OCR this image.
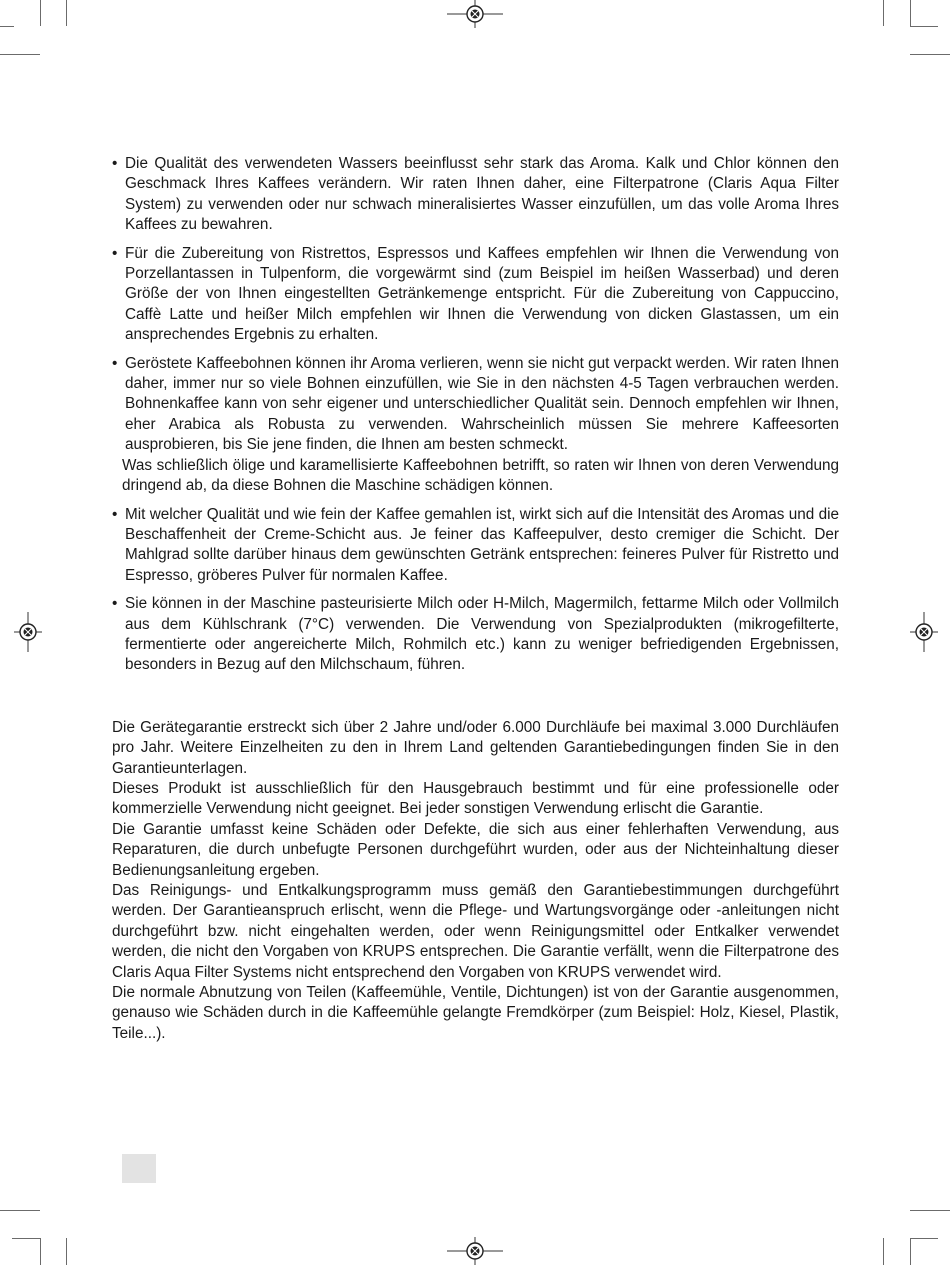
• Die Qualität des verwendeten Wassers beeinflusst sehr stark das Aroma. Kalk und Chlor können den Geschmack Ihres Kaffees verändern. Wir raten Ihnen daher, eine Filterpatrone (Claris Aqua Filter System) zu verwenden oder nur schwach mineralisiertes Wasser einzufüllen, um das volle Aroma Ihres Kaffees zu bewahren.

• Für die Zubereitung von Ristrettos, Espressos und Kaffees empfehlen wir Ihnen die Verwendung von Porzellantassen in Tulpenform, die vorgewärmt sind (zum Beispiel im heißen Wasserbad) und deren Größe der von Ihnen eingestellten Getränkemenge entspricht. Für die Zubereitung von Cappuccino, Caffè Latte und heißer Milch empfehlen wir Ihnen die Verwendung von dicken Glastassen, um ein ansprechendes Ergebnis zu erhalten.

• Geröstete Kaffeebohnen können ihr Aroma verlieren, wenn sie nicht gut verpackt werden. Wir raten Ihnen daher, immer nur so viele Bohnen einzufüllen, wie Sie in den nächsten 4-5 Tagen verbrauchen werden. Bohnenkaffee kann von sehr eigener und unterschiedlicher Qualität sein. Dennoch empfehlen wir Ihnen, eher Arabica als Robusta zu verwenden. Wahrscheinlich müssen Sie mehrere Kaffeesorten ausprobieren, bis Sie jene finden, die Ihnen am besten schmeckt.

Was schließlich ölige und karamellisierte Kaffeebohnen betrifft, so raten wir Ihnen von deren Verwendung dringend ab, da diese Bohnen die Maschine schädigen können.

• Mit welcher Qualität und wie fein der Kaffee gemahlen ist, wirkt sich auf die Intensität des Aromas und die Beschaffenheit der Creme-Schicht aus. Je feiner das Kaffeepulver, desto cremiger die Schicht. Der Mahlgrad sollte darüber hinaus dem gewünschten Getränk entsprechen: feineres Pulver für Ristretto und Espresso, gröberes Pulver für normalen Kaffee.

• Sie können in der Maschine pasteurisierte Milch oder H-Milch, Magermilch, fettarme Milch oder Vollmilch aus dem Kühlschrank (7°C) verwenden. Die Verwendung von Spezialprodukten (mikrogefilterte, fermentierte oder angereicherte Milch, Rohmilch etc.) kann zu weniger befriedigenden Ergebnissen, besonders in Bezug auf den Milchschaum, führen.

Die Gerätegarantie erstreckt sich über 2 Jahre und/oder 6.000 Durchläufe bei maximal 3.000 Durchläufen pro Jahr. Weitere Einzelheiten zu den in Ihrem Land geltenden Garantiebedingungen finden Sie in den Garantieunterlagen.

Dieses Produkt ist ausschließlich für den Hausgebrauch bestimmt und für eine professionelle oder kommerzielle Verwendung nicht geeignet. Bei jeder sonstigen Verwendung erlischt die Garantie.

Die Garantie umfasst keine Schäden oder Defekte, die sich aus einer fehlerhaften Verwendung, aus Reparaturen, die durch unbefugte Personen durchgeführt wurden, oder aus der Nichteinhaltung dieser Bedienungsanleitung ergeben.

Das Reinigungs- und Entkalkungsprogramm muss gemäß den Garantiebestimmungen durchgeführt werden. Der Garantieanspruch erlischt, wenn die Pflege- und Wartungsvorgänge oder -anleitungen nicht durchgeführt bzw. nicht eingehalten werden, oder wenn Reinigungsmittel oder Entkalker verwendet werden, die nicht den Vorgaben von KRUPS entsprechen. Die Garantie verfällt, wenn die Filterpatrone des Claris Aqua Filter Systems nicht entsprechend den Vorgaben von KRUPS verwendet wird.

Die normale Abnutzung von Teilen (Kaffeemühle, Ventile, Dichtungen) ist von der Garantie ausgenommen, genauso wie Schäden durch in die Kaffeemühle gelangte Fremdkörper (zum Beispiel: Holz, Kiesel, Plastik, Teile...).
